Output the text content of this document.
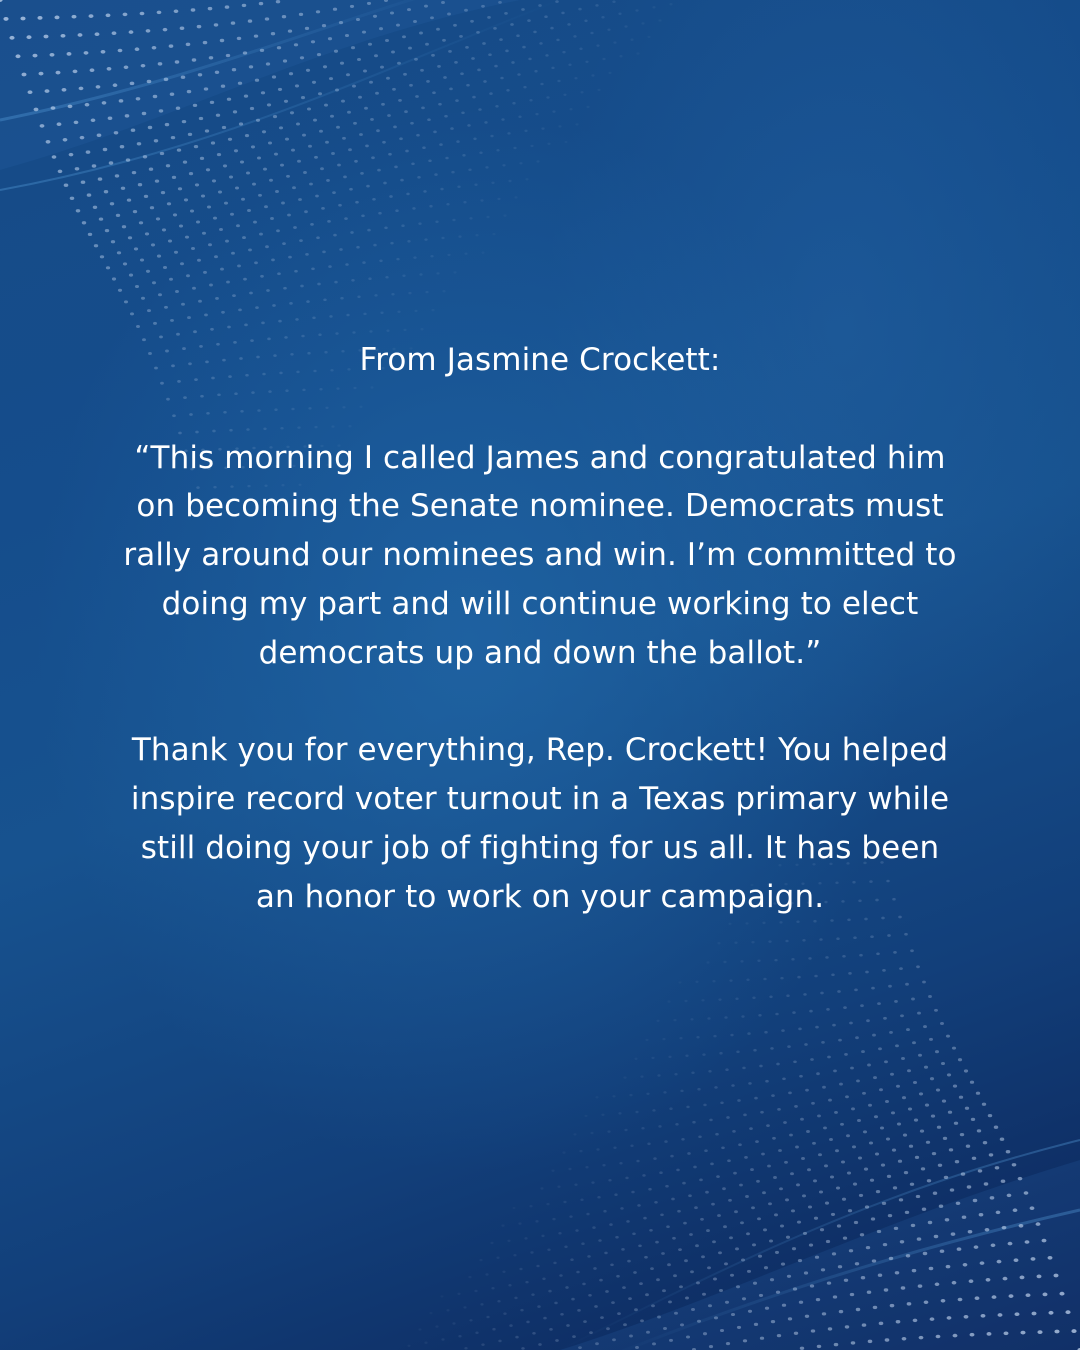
From Jasmine Crockett:

“This morning I called James and congratulated him on becoming the Senate nominee. Democrats must rally around our nominees and win. I’m committed to doing my part and will continue working to elect democrats up and down the ballot.”

Thank you for everything, Rep. Crockett! You helped inspire record voter turnout in a Texas primary while still doing your job of fighting for us all. It has been an honor to work on your campaign.
